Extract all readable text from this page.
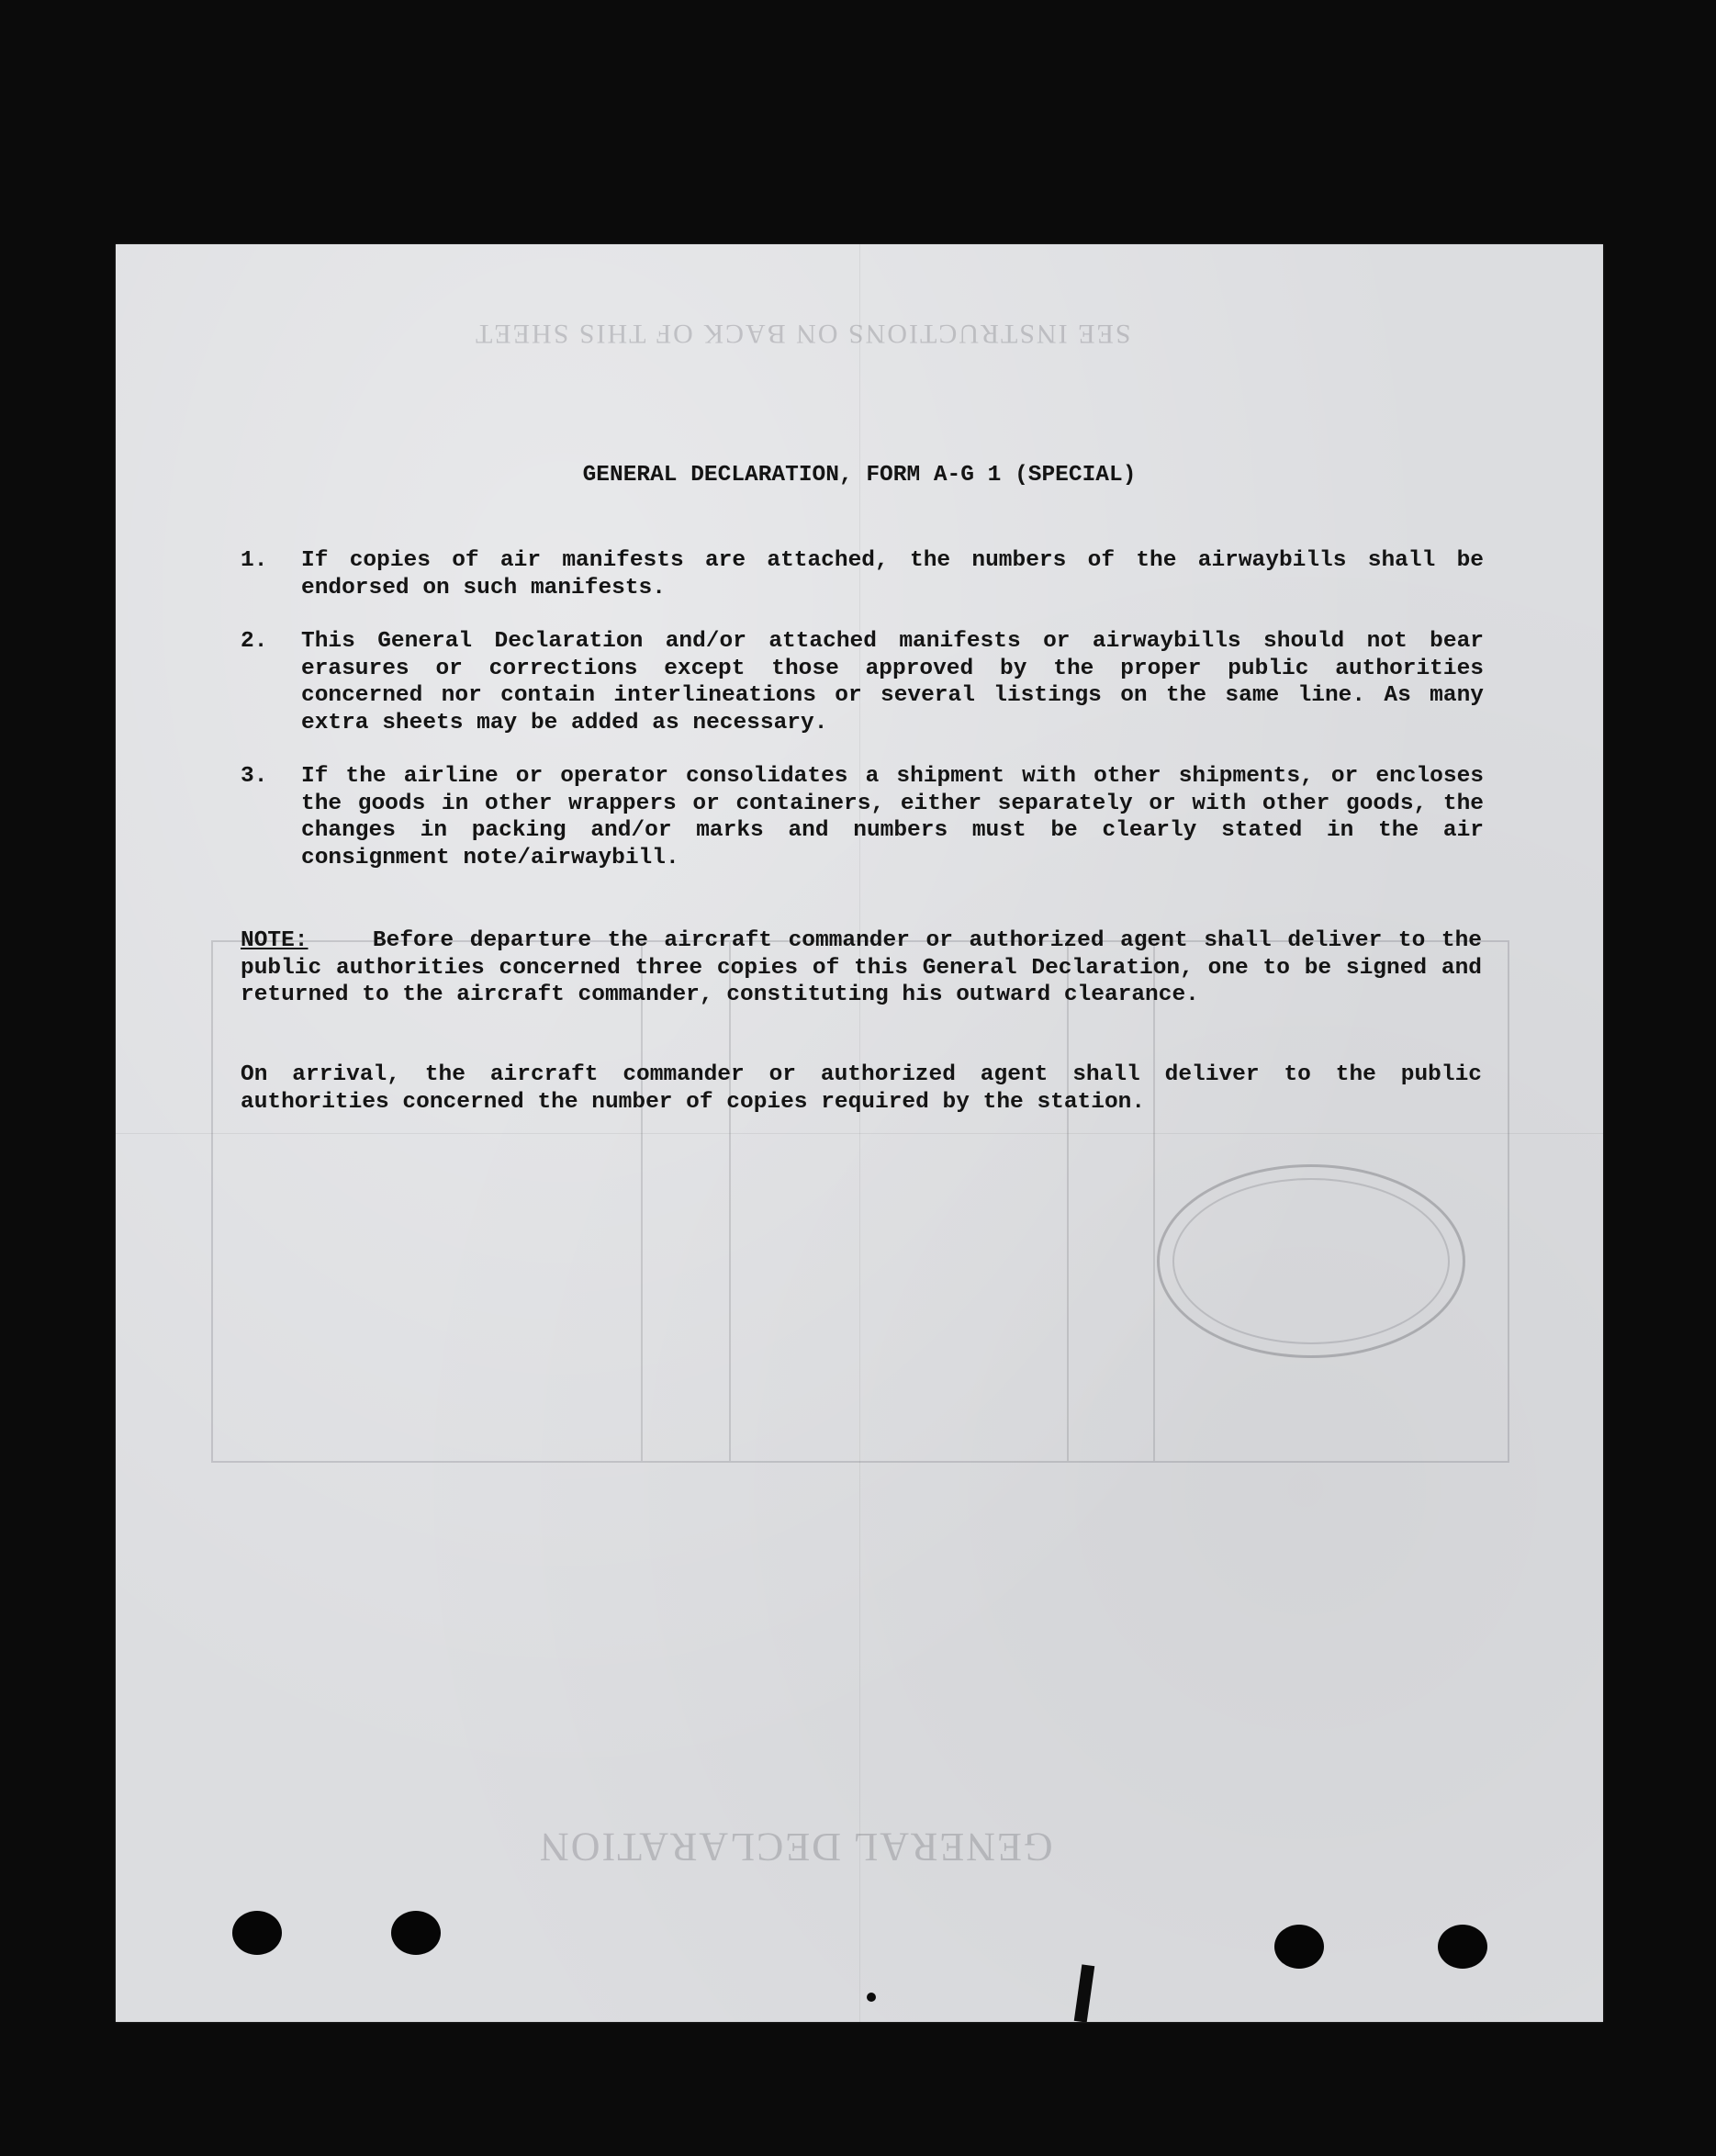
SEE INSTRUCTIONS ON BACK OF THIS SHEET
GENERAL DECLARATION
GENERAL DECLARATION, FORM A-G 1 (SPECIAL)
1.	If copies of air manifests are attached, the numbers of the airwaybills shall be endorsed on such manifests.
2.	This General Declaration and/or attached manifests or airwaybills should not bear erasures or corrections except those approved by the proper public authorities concerned nor contain interlineations or several listings on the same line. As many extra sheets may be added as necessary.
3.	If the airline or operator consolidates a shipment with other shipments, or encloses the goods in other wrappers or containers, either separately or with other goods, the changes in packing and/or marks and numbers must be clearly stated in the air consignment note/airwaybill.
NOTE:	Before departure the aircraft commander or authorized agent shall deliver to the public authorities concerned three copies of this General Declaration, one to be signed and returned to the aircraft commander, constituting his outward clearance.
On arrival, the aircraft commander or authorized agent shall deliver to the public authorities concerned the number of copies required by the station.
